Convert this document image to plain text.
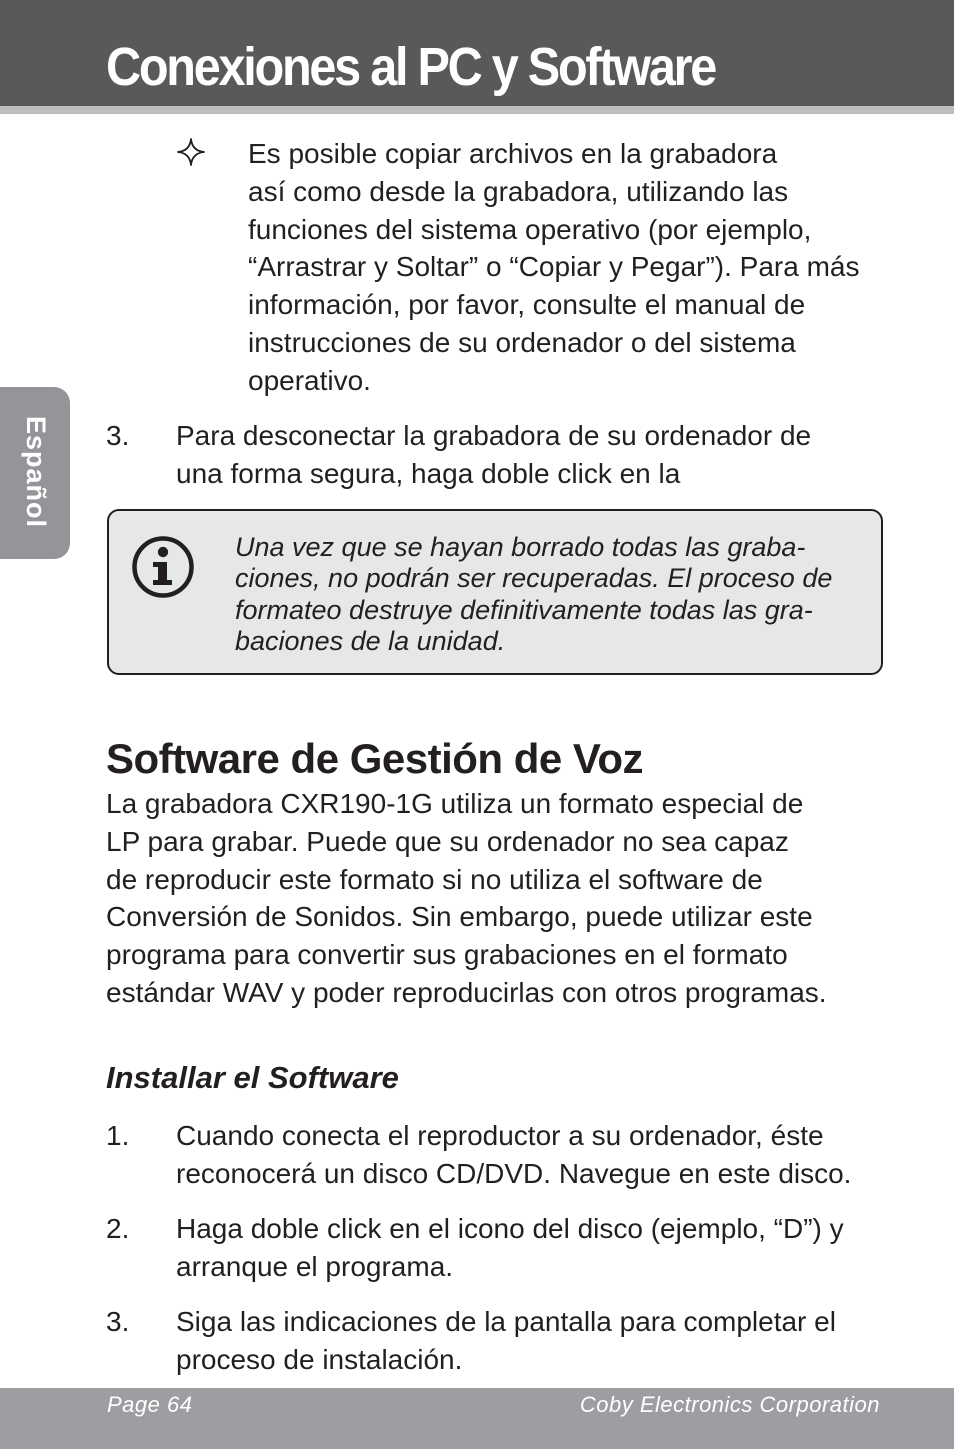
Conexiones al PC y Software
Español
Es posible copiar archivos en la grabadora
así como desde la grabadora, utilizando las
funciones del sistema operativo (por ejemplo,
“Arrastrar y Soltar” o “Copiar y Pegar”). Para más
información, por favor, consulte el manual de
instrucciones de su ordenador o del sistema
operativo.
3.	Para desconectar la grabadora de su ordenador de
una forma segura, haga doble click en la
Una vez que se hayan borrado todas las graba-
ciones, no podrán ser recuperadas. El proceso de
formateo destruye definitivamente todas las gra-
baciones de la unidad.
Software de Gestión de Voz
La grabadora CXR190-1G utiliza un formato especial de
LP para grabar. Puede que su ordenador no sea capaz
de reproducir este formato si no utiliza el software de
Conversión de Sonidos. Sin embargo, puede utilizar este
programa para convertir sus grabaciones en el formato
estándar WAV y poder reproducirlas con otros programas.
Installar el Software
1.	Cuando conecta el reproductor a su ordenador, éste
reconocerá un disco CD/DVD. Navegue en este disco.
2.	Haga doble click en el icono del disco (ejemplo, “D”) y
arranque el programa.
3.	Siga las indicaciones de la pantalla para completar el
proceso de instalación.
Page 64	Coby Electronics Corporation
